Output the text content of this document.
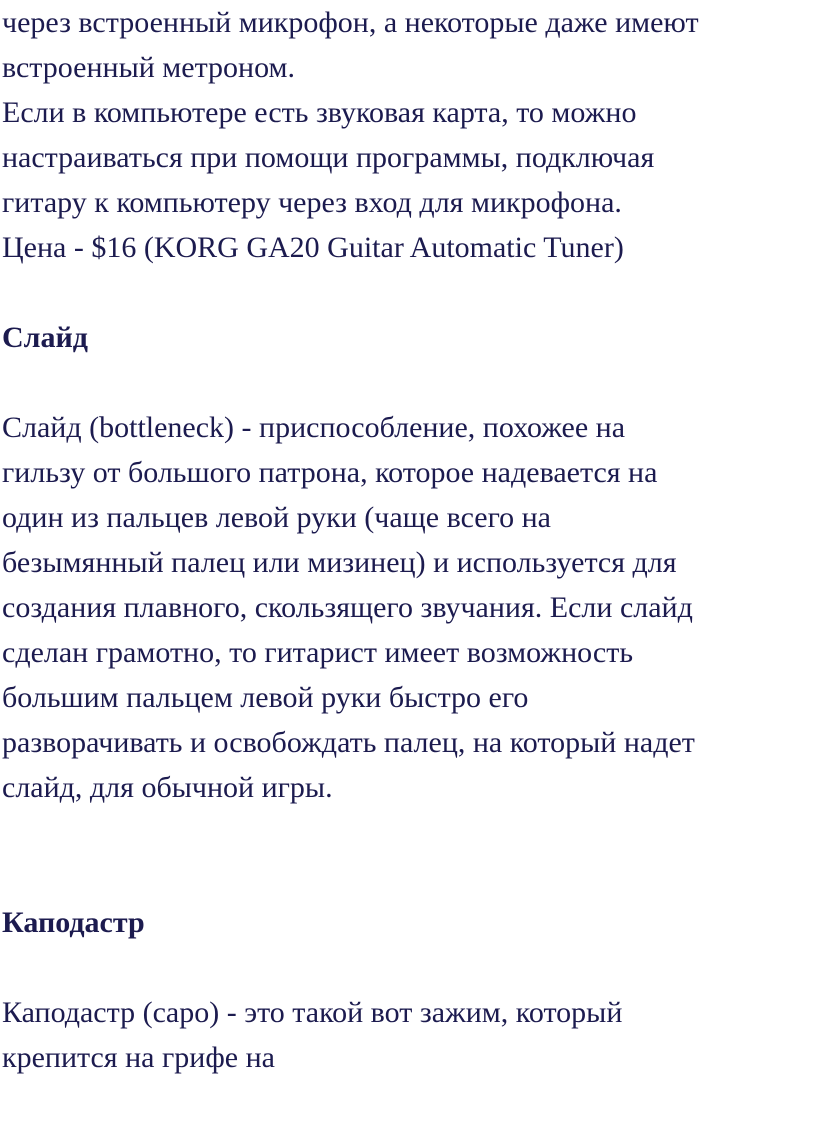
через встроенный микрофон, а некоторые даже имеют
встроенный метроном.
Если в компьютере есть звуковая карта, то можно
настраиваться при помощи программы, подключая
гитару к компьютеру через вход для микрофона.
Цена - $16 (KORG GA20 Guitar Automatic Tuner)
Слайд
Слайд (bottleneck) - приспособление, похожее на
гильзу от большого патрона, которое надевается на
один из пальцев левой руки (чаще всего на
безымянный палец или мизинец) и используется для
создания плавного, скользящего звучания. Если слайд
сделан грамотно, то гитарист имеет возможность
большим пальцем левой руки быстро его
разворачивать и освобождать палец, на который надет
слайд, для обычной игры.
Каподастр
Каподастр (capo) - это такой вот зажим, который
крепится на грифе на
